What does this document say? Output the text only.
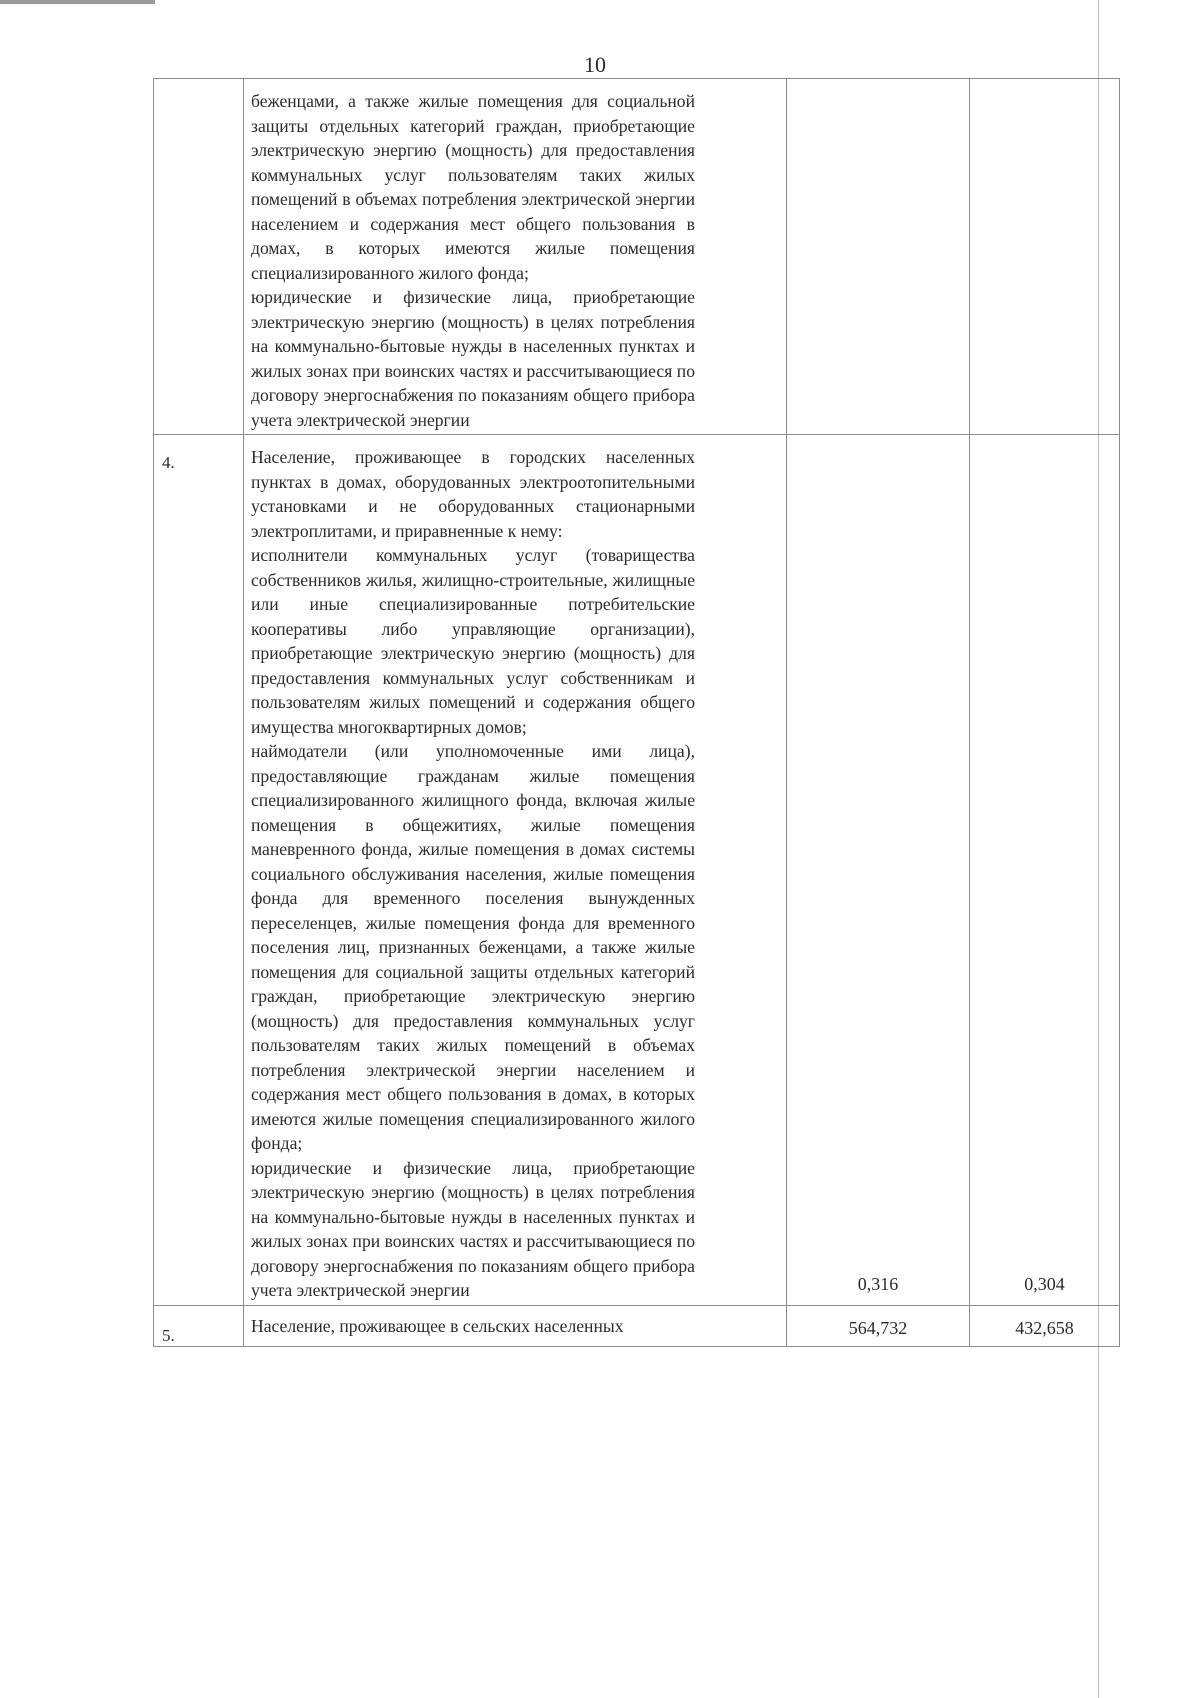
10

	беженцами, а также жилые помещения для социальной защиты отдельных категорий граждан, приобретающие электрическую энергию (мощность) для предоставления коммунальных услуг пользователям таких жилых помещений в объемах потребления электрической энергии населением и содержания мест общего пользования в домах, в которых имеются жилые помещения специализированного жилого фонда;

юридические и физические лица, приобретающие электрическую энергию (мощность) в целях потребления на коммунально-бытовые нужды в населенных пунктах и жилых зонах при воинских частях и рассчитывающиеся по договору энергоснабжения по показаниям общего прибора учета электрической энергии		

4.	Население, проживающее в городских населенных пунктах в домах, оборудованных электроотопительными установками и не оборудованных стационарными электроплитами, и приравненные к нему:

исполнители коммунальных услуг (товарищества собственников жилья, жилищно-строительные, жилищные или иные специализированные потребительские кооперативы либо управляющие организации), приобретающие электрическую энергию (мощность) для предоставления коммунальных услуг собственникам и пользователям жилых помещений и содержания общего имущества многоквартирных домов;

наймодатели (или уполномоченные ими лица), предоставляющие гражданам жилые помещения специализированного жилищного фонда, включая жилые помещения в общежитиях, жилые помещения маневренного фонда, жилые помещения в домах системы социального обслуживания населения, жилые помещения фонда для временного поселения вынужденных переселенцев, жилые помещения фонда для временного поселения лиц, признанных беженцами, а также жилые помещения для социальной защиты отдельных категорий граждан, приобретающие электрическую энергию (мощность) для предоставления коммунальных услуг пользователям таких жилых помещений в объемах потребления электрической энергии населением и содержания мест общего пользования в домах, в которых имеются жилые помещения специализированного жилого фонда;

юридические и физические лица, приобретающие электрическую энергию (мощность) в целях потребления на коммунально-бытовые нужды в населенных пунктах и жилых зонах при воинских частях и рассчитывающиеся по договору энергоснабжения по показаниям общего прибора учета электрической энергии	0,316	0,304

5.	Население, проживающее в сельских населенных	564,732	432,658
